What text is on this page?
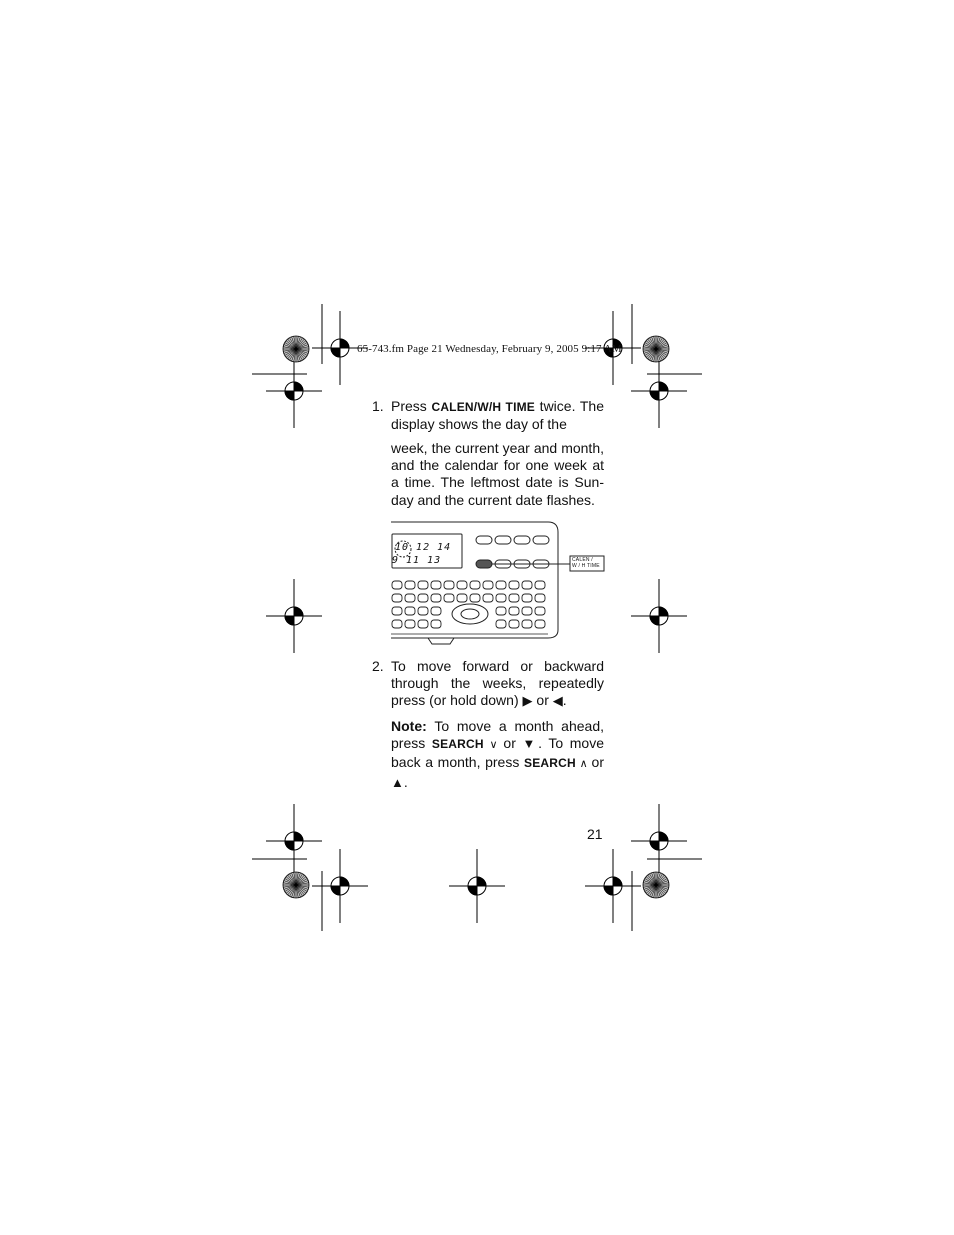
65-743.fm Page 21 Wednesday, February 9, 2005 9:17 AM
1. Press CALEN/W/H TIME twice. The display shows the day of the
week, the current year and month, and the calendar for one week at a time. The leftmost date is Sun-day and the current date flashes.
10 12 14
9 11 13	CALEN /
W / H TIME
2. To move forward or backward through the weeks, repeatedly press (or hold down) ▶ or ◀.
Note: To move a month ahead, press SEARCH ∨ or ▼. To move back a month, press SEARCH ∧ or ▲.
21
